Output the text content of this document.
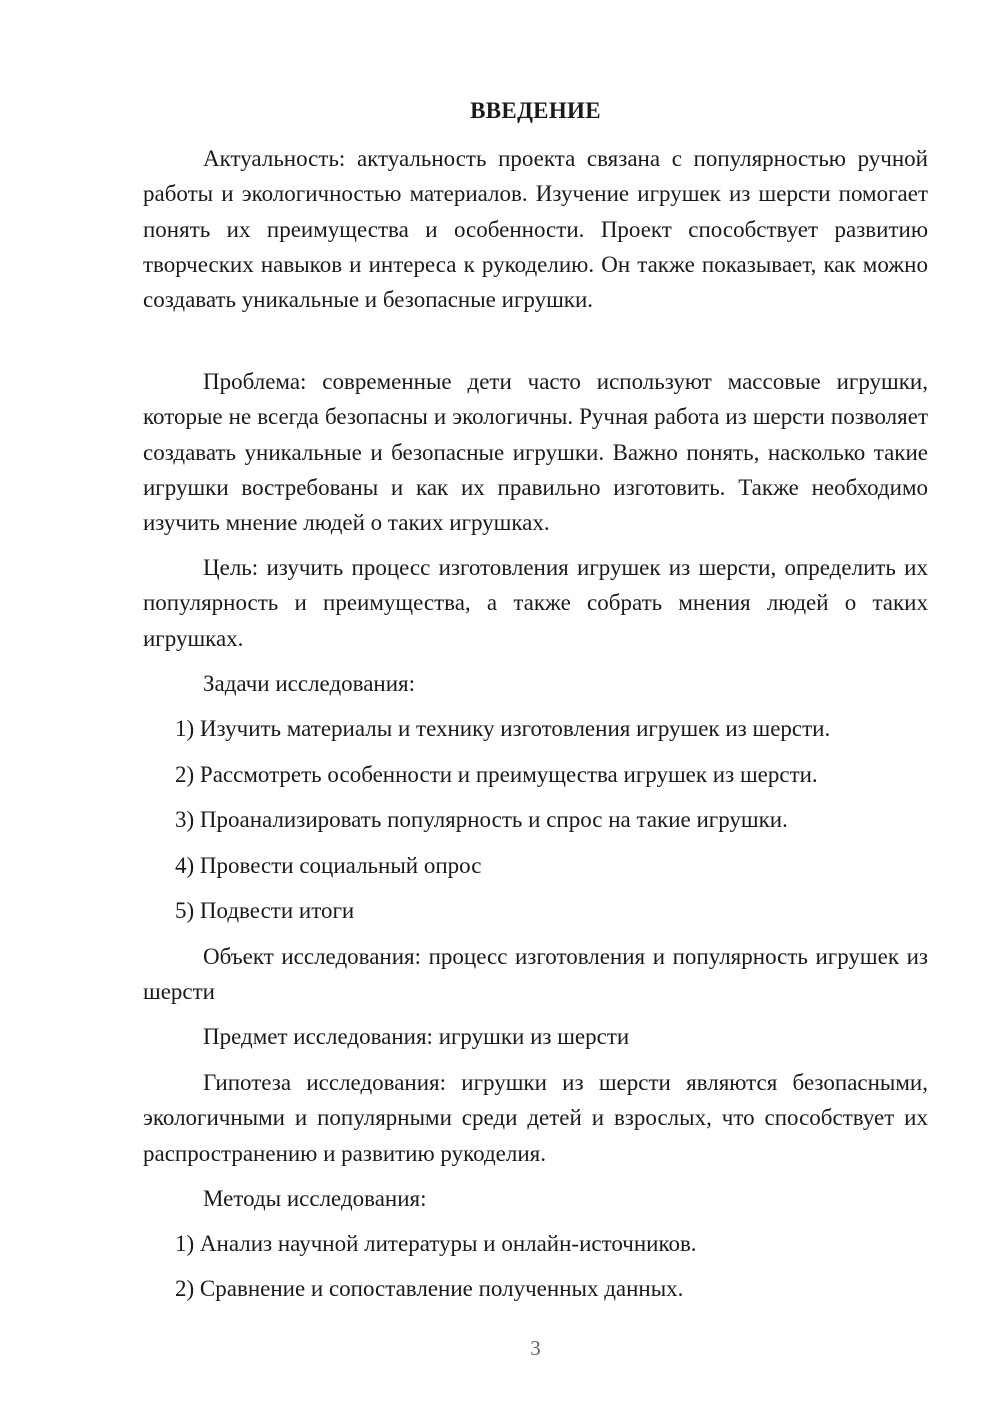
ВВЕДЕНИЕ

Актуальность: актуальность проекта связана с популярностью ручной работы и экологичностью материалов. Изучение игрушек из шерсти помогает понять их преимущества и особенности. Проект способствует развитию творческих навыков и интереса к рукоделию. Он также показывает, как можно создавать уникальные и безопасные игрушки.

Проблема: современные дети часто используют массовые игрушки, которые не всегда безопасны и экологичны. Ручная работа из шерсти позволяет создавать уникальные и безопасные игрушки. Важно понять, насколько такие игрушки востребованы и как их правильно изготовить. Также необходимо изучить мнение людей о таких игрушках.

Цель: изучить процесс изготовления игрушек из шерсти, определить их популярность и преимущества, а также собрать мнения людей о таких игрушках.

Задачи исследования:

1) Изучить материалы и технику изготовления игрушек из шерсти.

2) Рассмотреть особенности и преимущества игрушек из шерсти.

3) Проанализировать популярность и спрос на такие игрушки.

4) Провести социальный опрос

5) Подвести итоги

Объект исследования: процесс изготовления и популярность игрушек из шерсти

Предмет исследования: игрушки из шерсти

Гипотеза исследования: игрушки из шерсти являются безопасными, экологичными и популярными среди детей и взрослых, что способствует их распространению и развитию рукоделия.

Методы исследования:

1) Анализ научной литературы и онлайн-источников.

2) Сравнение и сопоставление полученных данных.

3
